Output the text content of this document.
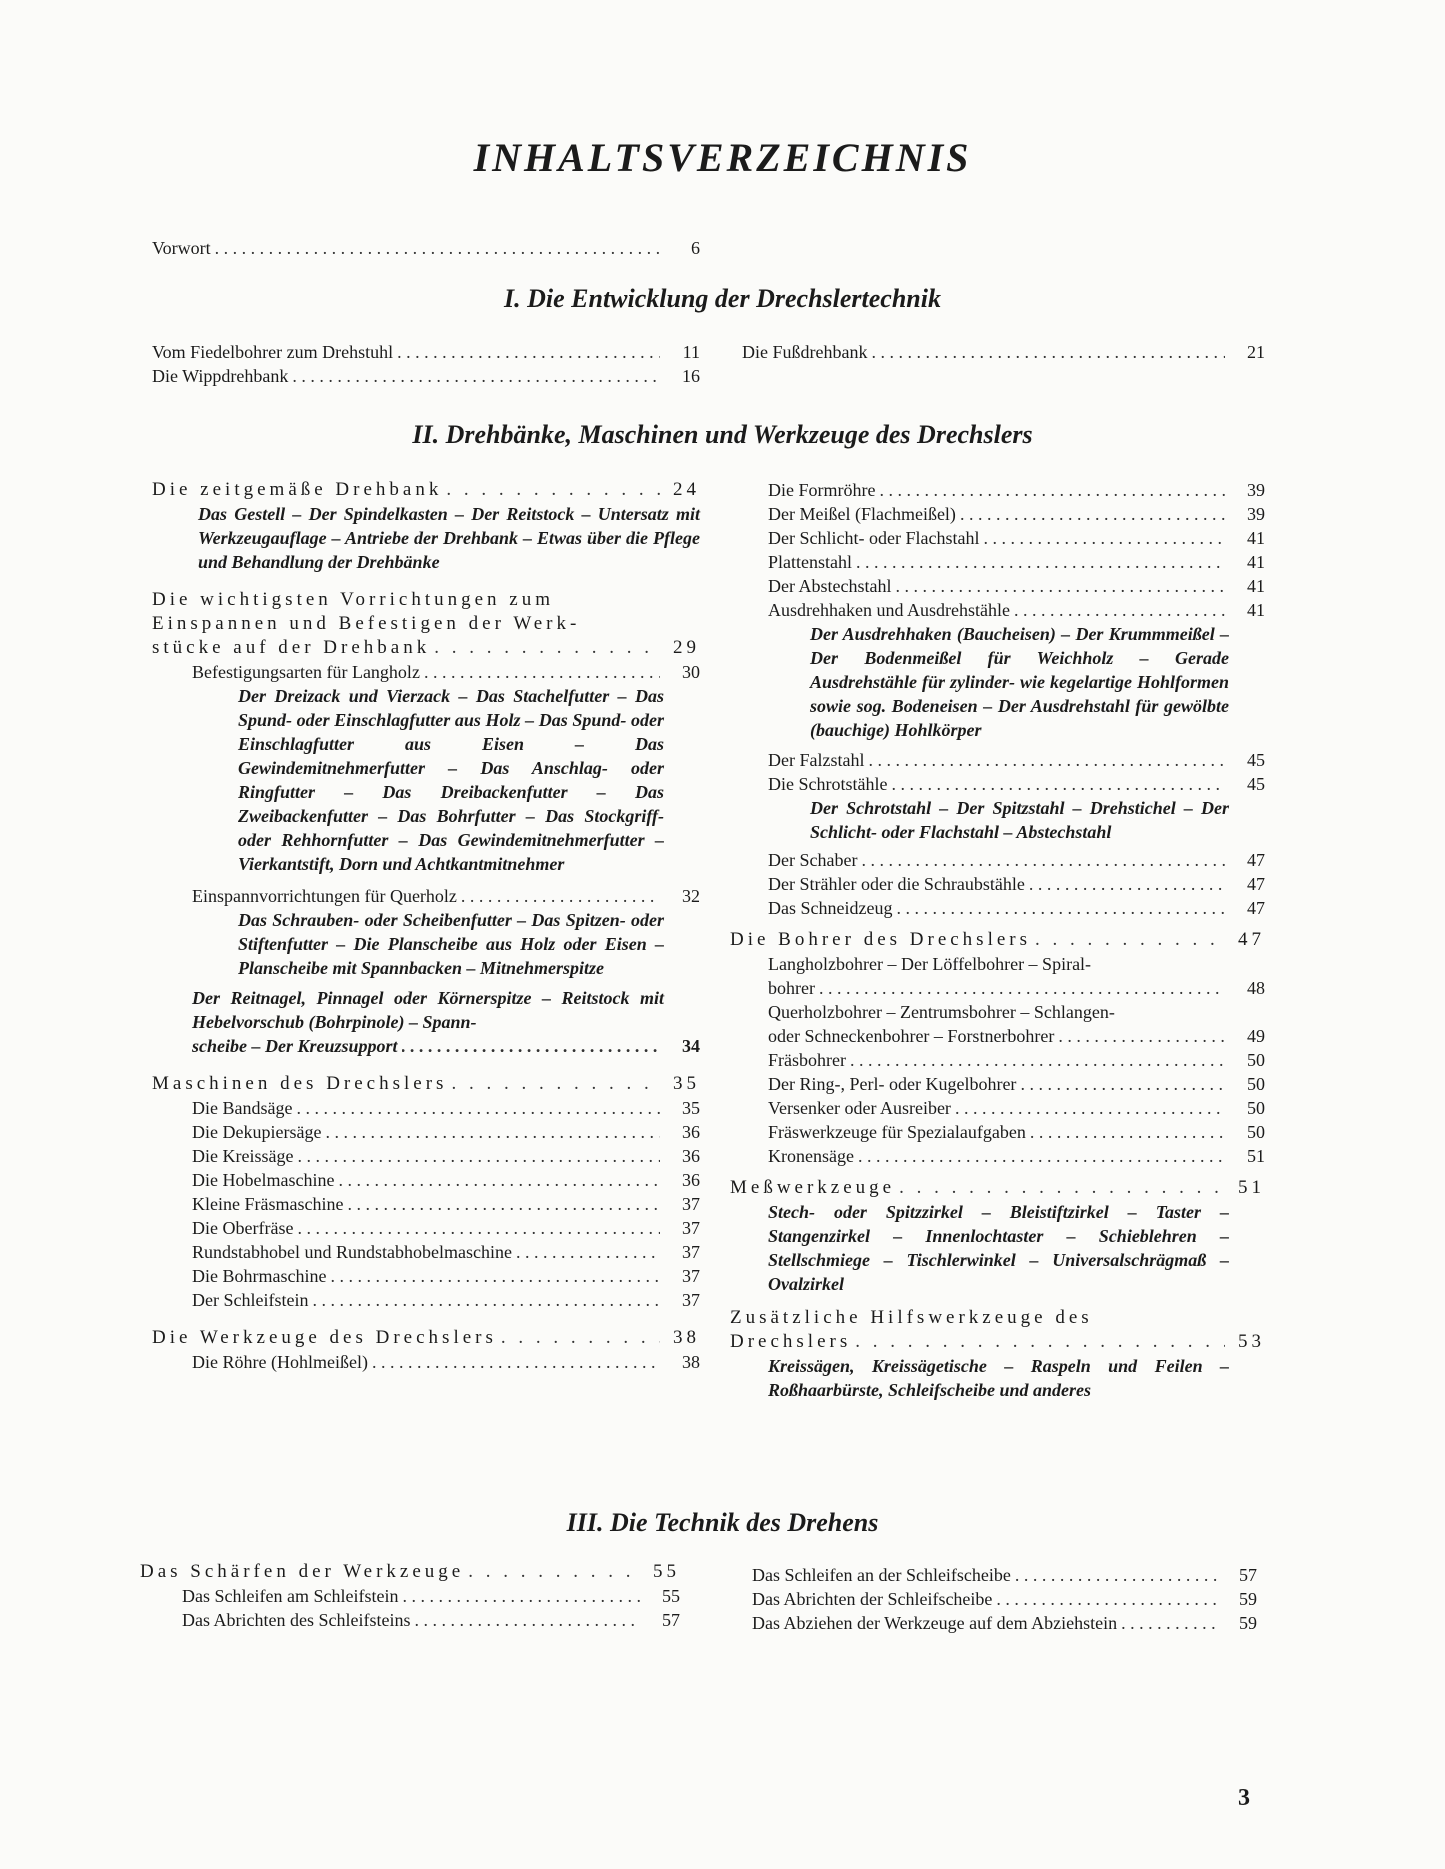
INHALTSVERZEICHNIS
Vorwort . . .	6
I. Die Entwicklung der Drechslertechnik
Vom Fiedelbohrer zum Drehstuhl . . .	11
Die Wippdrehbank . . .	16
Die Fußdrehbank . . .	21
II. Drehbänke, Maschinen und Werkzeuge des Drechslers
Die zeitgemäße Drehbank . . .	24

Das Gestell – Der Spindelkasten – Der Reitstock – Untersatz mit Werkzeugauflage – Antriebe der Drehbank – Etwas über die Pflege und Behandlung der Drehbänke

Die wichtigsten Vorrichtungen zum

Einspannen und Befestigen der Werk-

stücke auf der Drehbank . . .	29
Befestigungsarten für Langholz . . .	30

Der Dreizack und Vierzack – Das Stachelfutter – Das Spund- oder Einschlagfutter aus Holz – Das Spund- oder Einschlagfutter aus Eisen – Das Gewindemitnehmerfutter – Das Anschlag- oder Ringfutter – Das Dreibackenfutter – Das Zweibackenfutter – Das Bohrfutter – Das Stockgriff- oder Rehhornfutter – Das Gewindemitnehmerfutter – Vierkantstift, Dorn und Achtkantmitnehmer

Einspannvorrichtungen für Querholz . . .	32

Das Schrauben- oder Scheibenfutter – Das Spitzen- oder Stiftenfutter – Die Planscheibe aus Holz oder Eisen – Planscheibe mit Spannbacken – Mitnehmerspitze

Der Reitnagel, Pinnagel oder Körnerspitze – Reitstock mit Hebelvorschub (Bohrpinole) – Spann-

scheibe – Der Kreuzsupport . . .	34
Maschinen des Drechslers . . .	35
Die Bandsäge . . .	35
Die Dekupiersäge . . .	36
Die Kreissäge . . .	36
Die Hobelmaschine . . .	36
Kleine Fräsmaschine . . .	37
Die Oberfräse . . .	37
Rundstabhobel und Rundstabhobelmaschine . . .	37
Die Bohrmaschine . . .	37
Der Schleifstein . . .	37
Die Werkzeuge des Drechslers . . .	38
Die Röhre (Hohlmeißel) . . .	38
Die Formröhre . . .	39
Der Meißel (Flachmeißel) . . .	39
Der Schlicht- oder Flachstahl . . .	41
Plattenstahl . . .	41
Der Abstechstahl . . .	41
Ausdrehhaken und Ausdrehstähle . . .	41

Der Ausdrehhaken (Baucheisen) – Der Krummmeißel – Der Bodenmeißel für Weichholz – Gerade Ausdrehstähle für zylinder- wie kegelartige Hohlformen sowie sog. Bodeneisen – Der Ausdrehstahl für gewölbte (bauchige) Hohlkörper

Der Falzstahl . . .	45
Die Schrotstähle . . .	45

Der Schrotstahl – Der Spitzstahl – Drehstichel – Der Schlicht- oder Flachstahl – Abstechstahl

Der Schaber . . .	47
Der Strähler oder die Schraubstähle . . .	47
Das Schneidzeug . . .	47
Die Bohrer des Drechslers . . .	47

Langholzbohrer – Der Löffelbohrer – Spiral-

bohrer . . .	48

Querholzbohrer – Zentrumsbohrer – Schlangen-

oder Schneckenbohrer – Forstnerbohrer . . .	49
Fräsbohrer . . .	50
Der Ring-, Perl- oder Kugelbohrer . . .	50
Versenker oder Ausreiber . . .	50
Fräswerkzeuge für Spezialaufgaben . . .	50
Kronensäge . . .	51
Meßwerkzeuge . . .	51

Stech- oder Spitzzirkel – Bleistiftzirkel – Taster – Stangenzirkel – Innenlochtaster – Schieblehren – Stellschmiege – Tischlerwinkel – Universalschrägmaß – Ovalzirkel

Zusätzliche Hilfswerkzeuge des

Drechslers . . .	53

Kreissägen, Kreissägetische – Raspeln und Feilen – Roßhaarbürste, Schleifscheibe und anderes

III. Die Technik des Drehens
Das Schärfen der Werkzeuge . . .	55
Das Schleifen am Schleifstein . . .	55
Das Abrichten des Schleifsteins . . .	57
Das Schleifen an der Schleifscheibe . . .	57
Das Abrichten der Schleifscheibe . . .	59
Das Abziehen der Werkzeuge auf dem Abziehstein . . .	59
3
